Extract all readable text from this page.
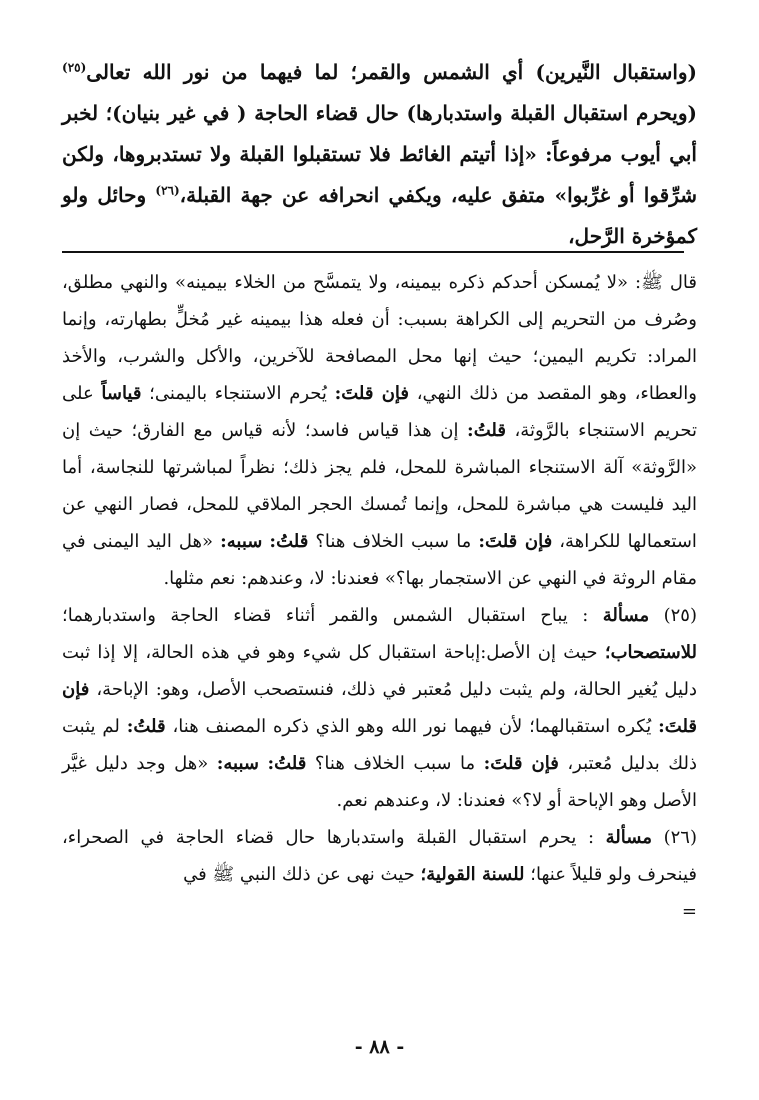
(واستقبال النَّيرين) أي الشمس والقمر؛ لما فيهما من نور الله تعالى$^{(٢٥)}$ (ويحرم استقبال القبلة واستدبارها) حال قضاء الحاجة ( في غير بنيان)؛ لخبر أبي أيوب مرفوعاً: «إذا أتيتم الغائط فلا تستقبلوا القبلة ولا تستدبروها، ولكن شرِّقوا أو غرِّبوا» متفق عليه، ويكفي انحرافه عن جهة القبلة،$^{(٢٦)}$ وحائل ولو كمؤخرة الرَّحل،

قال ﷺ: «لا يُمسكن أحدكم ذكره بيمينه، ولا يتمسَّح من الخلاء بيمينه» والنهي مطلق، وصُرف من التحريم إلى الكراهة بسبب: أن فعله هذا بيمينه غير مُخلٍّ بطهارته، وإنما المراد: تكريم اليمين؛ حيث إنها محل المصافحة للآخرين، والأكل والشرب، والأخذ والعطاء، وهو المقصد من ذلك النهي، فإن قلتَ: يُحرم الاستنجاء باليمنى؛ قياساً على تحريم الاستنجاء بالرَّوثة، قلتُ: إن هذا قياس فاسد؛ لأنه قياس مع الفارق؛ حيث إن «الرَّوثة» آلة الاستنجاء المباشرة للمحل، فلم يجز ذلك؛ نظراً لمباشرتها للنجاسة، أما اليد فليست هي مباشرة للمحل، وإنما تُمسك الحجر الملاقي للمحل، فصار النهي عن استعمالها للكراهة، فإن قلتَ: ما سبب الخلاف هنا؟ قلتُ: سببه: «هل اليد اليمنى في مقام الروثة في النهي عن الاستجمار بها؟» فعندنا: لا، وعندهم: نعم مثلها.

(٢٥) مسألة : يباح استقبال الشمس والقمر أثناء قضاء الحاجة واستدبارهما؛ للاستصحاب؛ حيث إن الأصل:إباحة استقبال كل شيء وهو في هذه الحالة، إلا إذا ثبت دليل يُغير الحالة، ولم يثبت دليل مُعتبر في ذلك، فنستصحب الأصل، وهو: الإباحة، فإن قلتَ: يُكره استقبالهما؛ لأن فيهما نور الله وهو الذي ذكره المصنف هنا، قلتُ: لم يثبت ذلك بدليل مُعتبر، فإن قلتَ: ما سبب الخلاف هنا؟ قلتُ: سببه: «هل وجد دليل غيَّر الأصل وهو الإباحة أو لا؟» فعندنا: لا، وعندهم نعم.

(٢٦) مسألة : يحرم استقبال القبلة واستدبارها حال قضاء الحاجة في الصحراء، فينحرف ولو قليلاً عنها؛ للسنة القولية؛ حيث نهى عن ذلك النبي ﷺ في

=

- ٨٨ -
